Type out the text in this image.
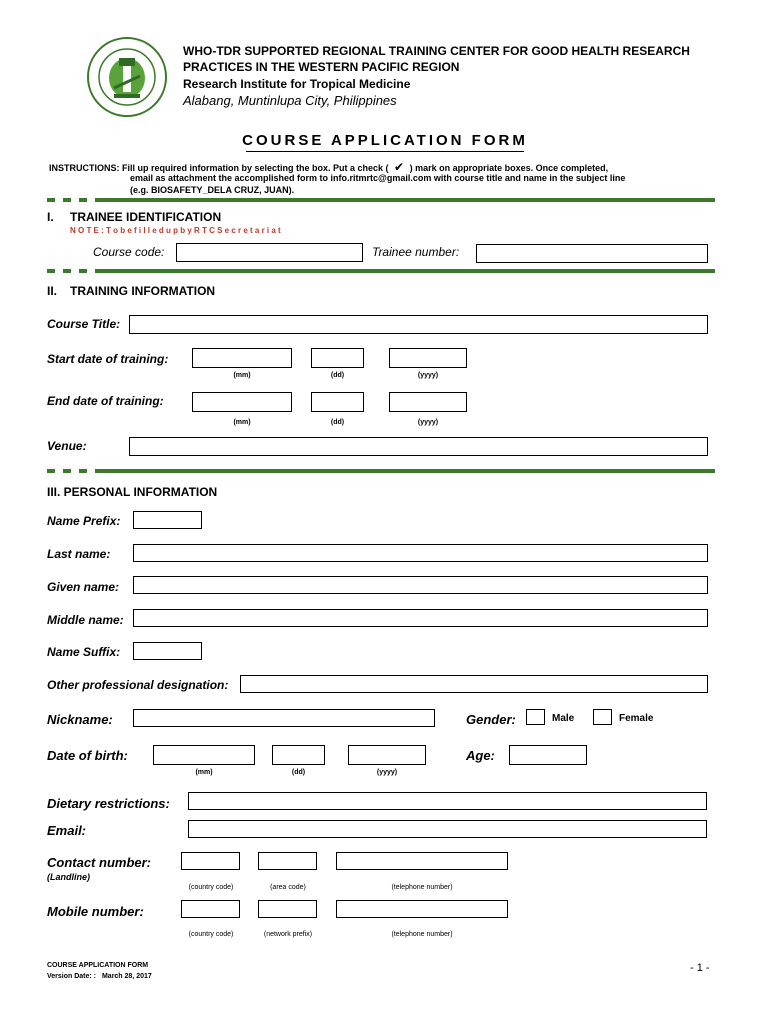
WHO-TDR SUPPORTED REGIONAL TRAINING CENTER FOR GOOD HEALTH RESEARCH
PRACTICES IN THE WESTERN PACIFIC REGION
Research Institute for Tropical Medicine
Alabang, Muntinlupa City, Philippines
COURSE APPLICATION FORM
INSTRUCTIONS: Fill up required information by selecting the box. Put a check ( ✔ ) mark on appropriate boxes. Once completed,
email as attachment the accomplished form to info.ritmrtc@gmail.com with course title and name in the subject line
(e.g. BIOSAFETY_DELA CRUZ, JUAN).
I. TRAINEE IDENTIFICATION
N O T E : T o b e f i l l e d u p b y R T C S e c r e t a r i a t
Course code:	Trainee number:
II. TRAINING INFORMATION
Course Title:
Start date of training:
(mm)	(dd)	(yyyy)
End date of training:
(mm)	(dd)	(yyyy)
Venue:
III. PERSONAL INFORMATION
Name Prefix:
Last name:
Given name:
Middle name:
Name Suffix:
Other professional designation:
Nickname:	Gender:	Male	Female
Date of birth:
(mm)	(dd)	(yyyy)
Age:
Dietary restrictions:
Email:
Contact number:
(Landline)
(country code)	(area code)	(telephone number)
Mobile number:
(country code)	(network prefix)	(telephone number)
COURSE APPLICATION FORM
Version Date: : March 28, 2017
- 1 -
